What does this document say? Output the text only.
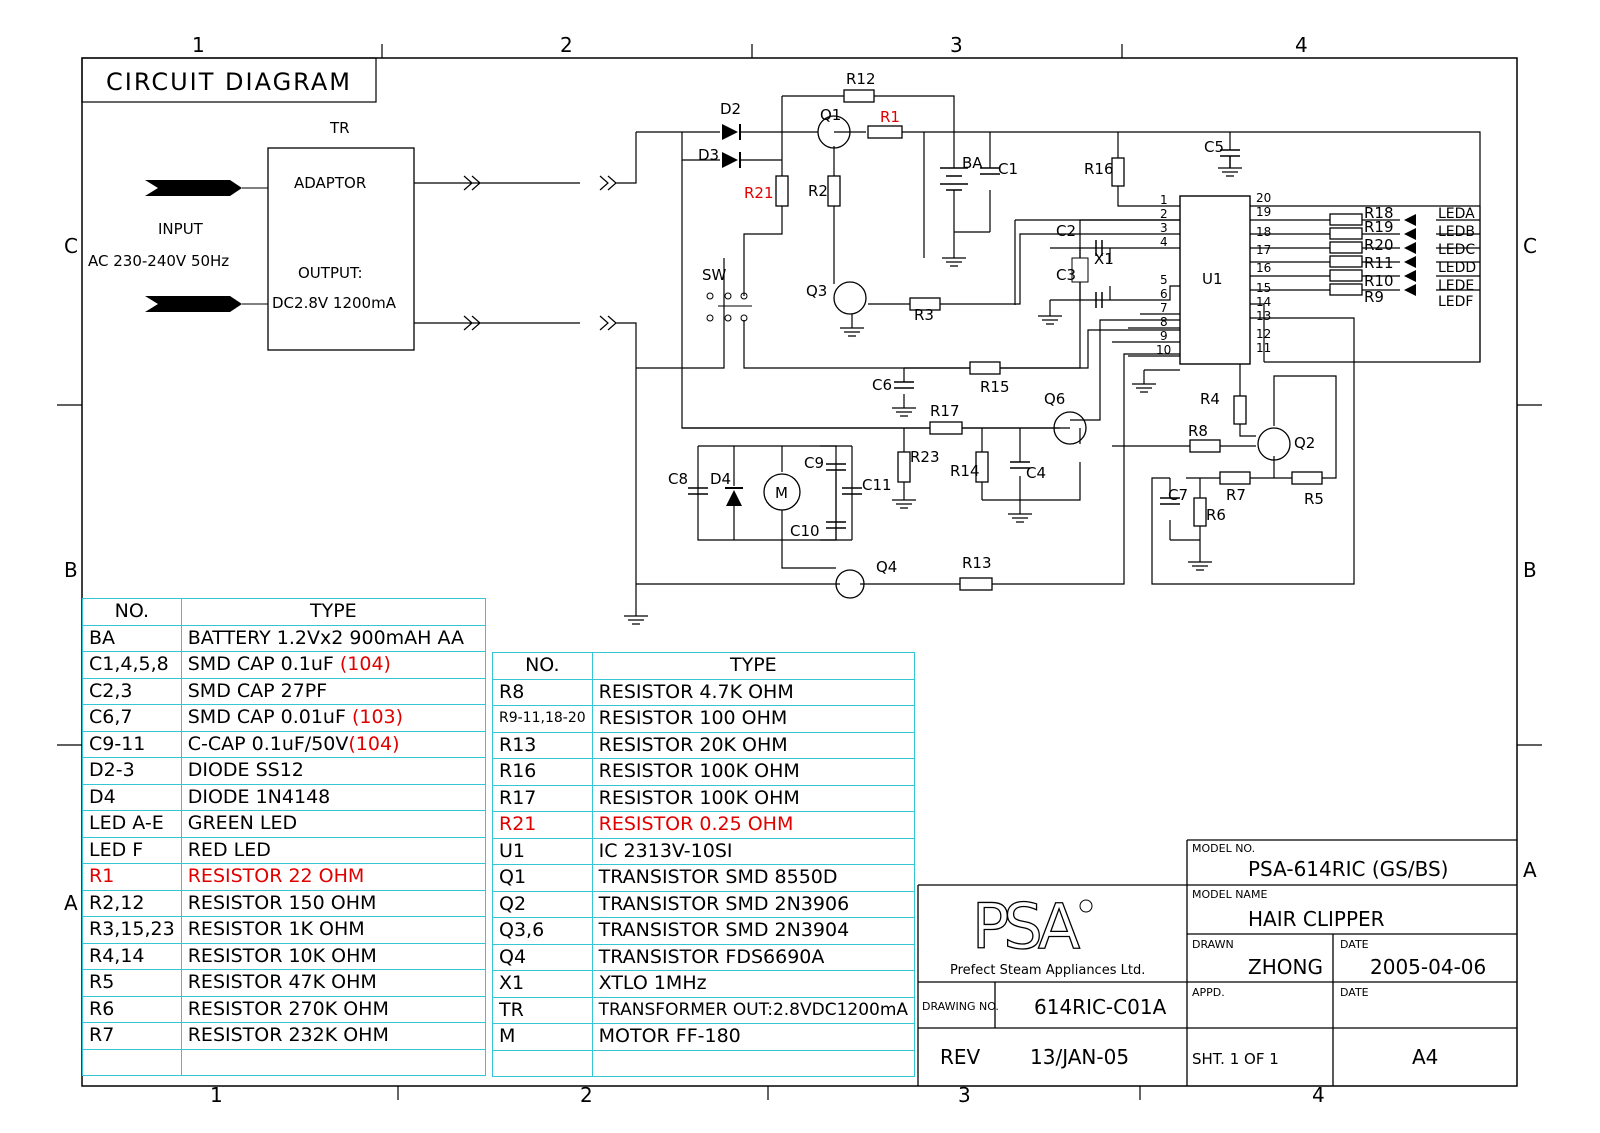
1	2	3	4
1	2	3	4
C
B
A
C
B
A
CIRCUIT DIAGRAM
INPUT
AC 230-240V 50Hz
TR
ADAPTOR
OUTPUT:
DC2.8V 1200mA
1
2
3
4
5
6
7
8
9
10
20
19
18
17
16
15
14
13
12
11
D2
D3
Q1
R12
R1
R21 R2
BA C1	R16
C5
SW
Q3
R3
C2
C3
X1
U1
C6	R15
R17
Q6	R4
R8
Q2
C8 D4
C9
C10
C11
M
R23
R14	C4
C7
R6
R7	R5
Q4	R13
R18
R19
R20
R11
R10
R9
LEDA
LEDB
LEDC
LEDD
LEDE
LEDF
PSA
Prefect Steam Appliances Ltd.
MODEL NO.
PSA-614RIC (GS/BS)
MODEL NAME
HAIR CLIPPER
DRAWN
ZHONG
DATE
2005-04-06
DRAWING NO. 614RIC-C01A
APPD.	DATE
REV 13/JAN-05	SHT. 1 OF 1	A4
NO.	TYPE
BA	BATTERY 1.2Vx2 900mAH AA
C1,4,5,8	SMD CAP 0.1uF (104)
C2,3	SMD CAP 27PF
C6,7	SMD CAP 0.01uF (103)
C9-11	C-CAP 0.1uF/50V(104)
D2-3	DIODE SS12
D4	DIODE 1N4148
LED A-E	GREEN LED
LED F	RED LED
R1	RESISTOR 22 OHM
R2,12	RESISTOR 150 OHM
R3,15,23	RESISTOR 1K OHM
R4,14	RESISTOR 10K OHM
R5	RESISTOR 47K OHM
R6	RESISTOR 270K OHM
R7	RESISTOR 232K OHM

NO.	TYPE
R8	RESISTOR 4.7K OHM
R9-11,18-20	RESISTOR 100 OHM
R13	RESISTOR 20K OHM
R16	RESISTOR 100K OHM
R17	RESISTOR 100K OHM
R21	RESISTOR 0.25 OHM
U1	IC 2313V-10SI
Q1	TRANSISTOR SMD 8550D
Q2	TRANSISTOR SMD 2N3906
Q3,6	TRANSISTOR SMD 2N3904
Q4	TRANSISTOR FDS6690A
X1	XTLO 1MHz
TR	TRANSFORMER OUT:2.8VDC1200mA
M	MOTOR FF-180
